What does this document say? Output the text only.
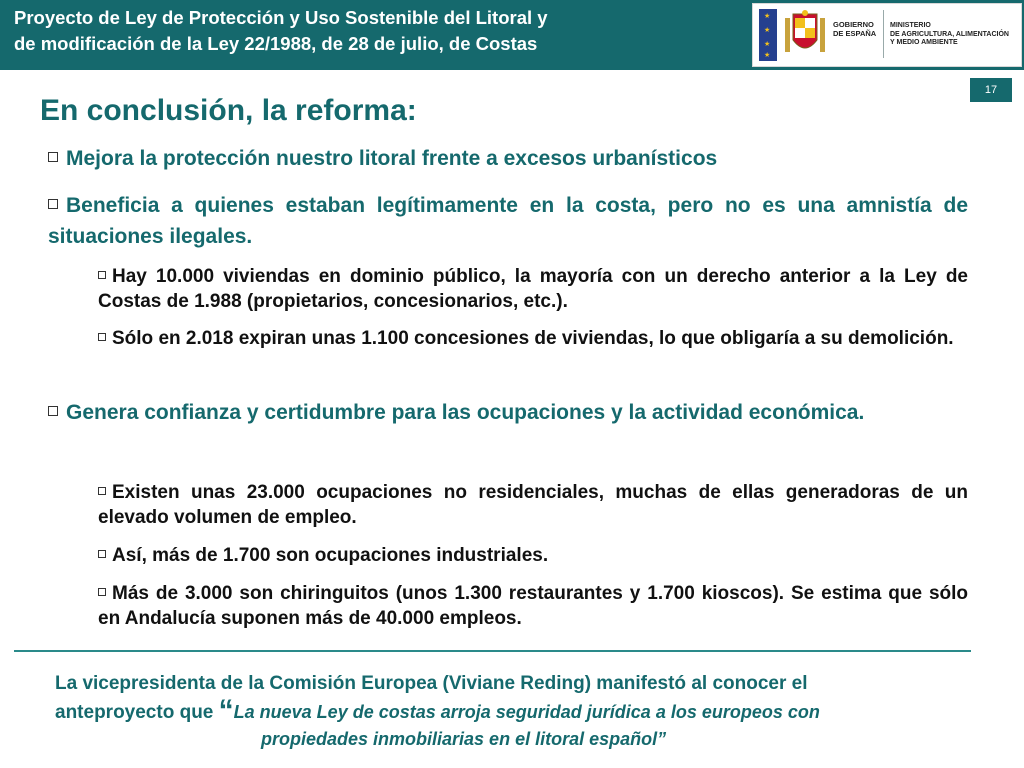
Proyecto de Ley de Protección y Uso Sostenible del Litoral y
de modificación de la Ley 22/1988, de 28 de julio, de Costas
★
★
★
★
GOBIERNO
DE ESPAÑA
MINISTERIO
DE AGRICULTURA, ALIMENTACIÓN
Y MEDIO AMBIENTE
17
En conclusión, la reforma:
Mejora la protección nuestro litoral frente a excesos urbanísticos
Beneficia a quienes estaban legítimamente en la costa, pero no es una amnistía de situaciones ilegales.
Hay 10.000 viviendas en dominio público, la mayoría con un derecho anterior a la Ley de Costas de 1.988 (propietarios, concesionarios, etc.).
Sólo en 2.018 expiran unas 1.100 concesiones de viviendas, lo que obligaría a su demolición.
Genera confianza y certidumbre para las ocupaciones y la actividad económica.
Existen unas 23.000 ocupaciones no residenciales, muchas de ellas generadoras de un elevado volumen de empleo.
Así, más de 1.700 son ocupaciones industriales.
Más de 3.000 son chiringuitos (unos 1.300 restaurantes y 1.700 kioscos). Se estima que sólo en Andalucía suponen más de 40.000 empleos.
La vicepresidenta de la Comisión Europea (Viviane Reding) manifestó al conocer el
anteproyecto que “La nueva Ley de costas arroja seguridad jurídica a los europeos con
propiedades inmobiliarias en el litoral español”
